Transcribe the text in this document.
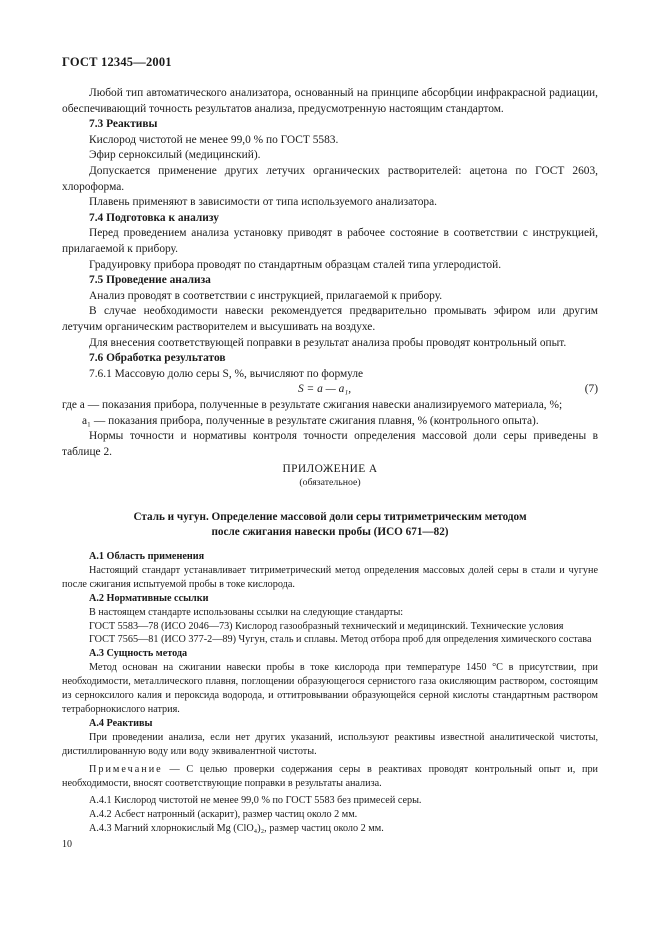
ГОСТ 12345—2001

Любой тип автоматического анализатора, основанный на принципе абсорбции инфракрасной радиации, обеспечивающий точность результатов анализа, предусмотренную настоящим стандартом.

7.3 Реактивы

Кислород чистотой не менее 99,0 % по ГОСТ 5583.

Эфир серноксилый (медицинский).

Допускается применение других летучих органических растворителей: ацетона по ГОСТ 2603, хлороформа.

Плавень применяют в зависимости от типа используемого анализатора.

7.4 Подготовка к анализу

Перед проведением анализа установку приводят в рабочее состояние в соответствии с инструкцией, прилагаемой к прибору.

Градуировку прибора проводят по стандартным образцам сталей типа углеродистой.

7.5 Проведение анализа

Анализ проводят в соответствии с инструкцией, прилагаемой к прибору.

В случае необходимости навески рекомендуется предварительно промывать эфиром или другим летучим органическим растворителем и высушивать на воздухе.

Для внесения соответствующей поправки в результат анализа пробы проводят контрольный опыт.

7.6 Обработка результатов

7.6.1 Массовую долю серы S, %, вычисляют по формуле

S = a — a₁,	(7)

где a — показания прибора, полученные в результате сжигания навески анализируемого материала, %;

a₁ — показания прибора, полученные в результате сжигания плавня, % (контрольного опыта).

Нормы точности и нормативы контроля точности определения массовой доли серы приведены в таблице 2.

ПРИЛОЖЕНИЕ А
(обязательное)
Сталь и чугун. Определение массовой доли серы титриметрическим методом
после сжигания навески пробы (ИСО 671—82)

А.1 Область применения

Настоящий стандарт устанавливает титриметрический метод определения массовых долей серы в стали и чугуне после сжигания испытуемой пробы в токе кислорода.

А.2 Нормативные ссылки

В настоящем стандарте использованы ссылки на следующие стандарты:

ГОСТ 5583—78 (ИСО 2046—73) Кислород газообразный технический и медицинский. Технические условия

ГОСТ 7565—81 (ИСО 377-2—89) Чугун, сталь и сплавы. Метод отбора проб для определения химического состава

А.3 Сущность метода

Метод основан на сжигании навески пробы в токе кислорода при температуре 1450 °С в присутствии, при необходимости, металлического плавня, поглощении образующегося сернистого газа окисляющим раствором, состоящим из серноксилого калия и пероксида водорода, и оттитровывании образующейся серной кислоты стандартным раствором тетраборнокислого натрия.

А.4 Реактивы

При проведении анализа, если нет других указаний, используют реактивы известной аналитической чистоты, дистиллированную воду или воду эквивалентной чистоты.

Примечание — С целью проверки содержания серы в реактивах проводят контрольный опыт и, при необходимости, вносят соответствующие поправки в результаты анализа.

А.4.1 Кислород чистотой не менее 99,0 % по ГОСТ 5583 без примесей серы.

А.4.2 Асбест натронный (аскарит), размер частиц около 2 мм.

А.4.3 Магний хлорнокислый Mg (ClO₄)₂, размер частиц около 2 мм.

10
